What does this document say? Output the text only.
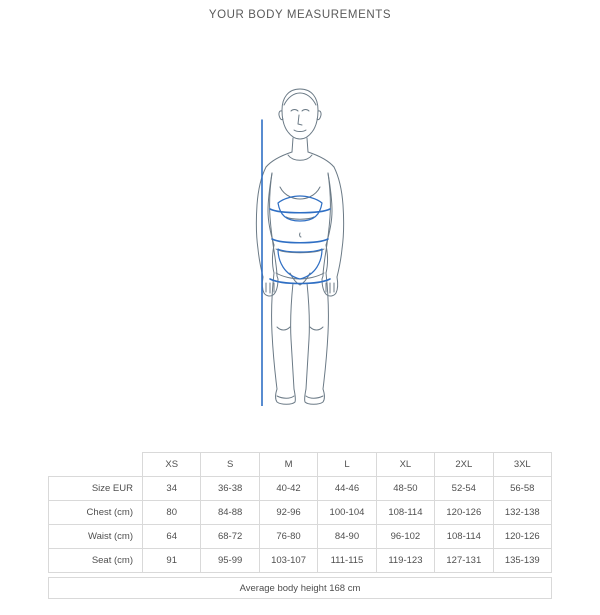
YOUR BODY MEASUREMENTS
	XS	S	M	L	XL	2XL	3XL
Size EUR	34	36-38	40-42	44-46	48-50	52-54	56-58
Chest (cm)	80	84-88	92-96	100-104	108-114	120-126	132-138
Waist (cm)	64	68-72	76-80	84-90	96-102	108-114	120-126
Seat (cm)	91	95-99	103-107	111-115	119-123	127-131	135-139
Average body height 168 cm
